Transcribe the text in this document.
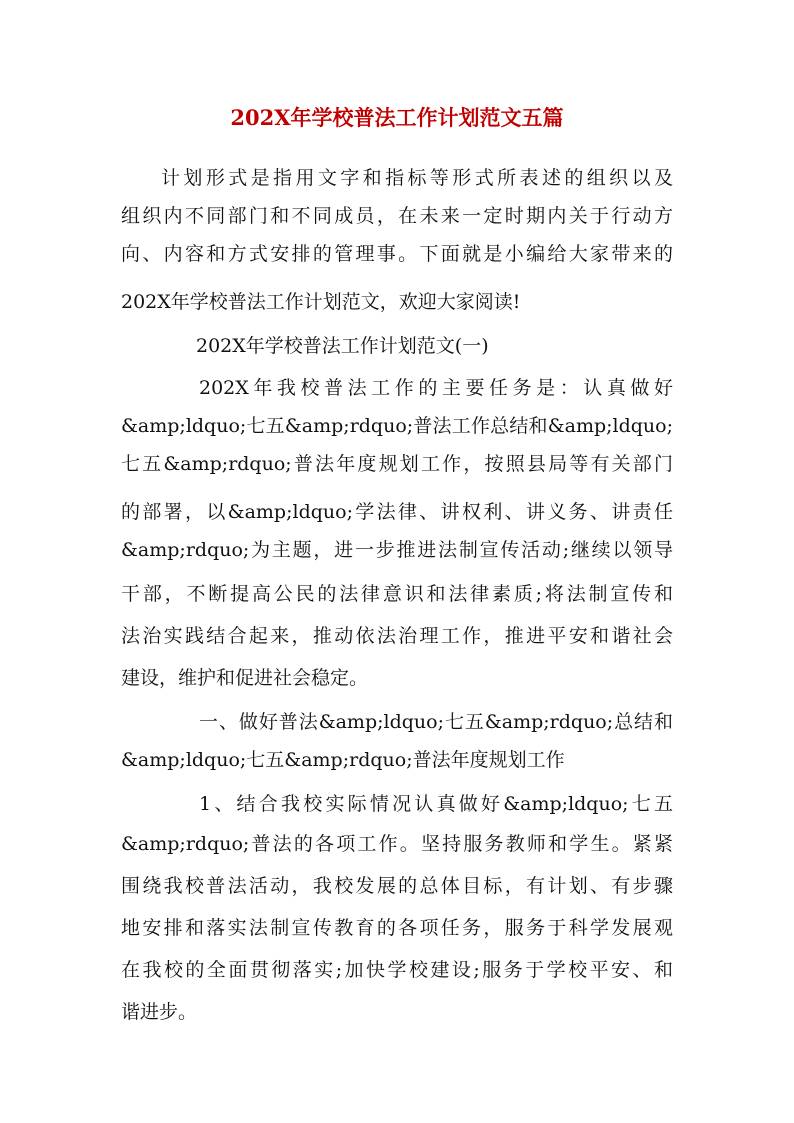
202X年学校普法工作计划范文五篇
计划形式是指用文字和指标等形式所表述的组织以及
组织内不同部门和不同成员，在未来一定时期内关于行动方
向、内容和方式安排的管理事。下面就是小编给大家带来的
202X年学校普法工作计划范文，欢迎大家阅读!
202X年学校普法工作计划范文(一)
202X年我校普法工作的主要任务是：认真做好
&amp;ldquo;七五&amp;rdquo;普法工作总结和&amp;ldquo;
七五&amp;rdquo;普法年度规划工作，按照县局等有关部门
的部署，以&amp;ldquo;学法律、讲权利、讲义务、讲责任
&amp;rdquo;为主题，进一步推进法制宣传活动;继续以领导
干部，不断提高公民的法律意识和法律素质;将法制宣传和
法治实践结合起来，推动依法治理工作，推进平安和谐社会
建设，维护和促进社会稳定。
一、做好普法&amp;ldquo;七五&amp;rdquo;总结和
&amp;ldquo;七五&amp;rdquo;普法年度规划工作
1、结合我校实际情况认真做好&amp;ldquo;七五
&amp;rdquo;普法的各项工作。坚持服务教师和学生。紧紧
围绕我校普法活动，我校发展的总体目标，有计划、有步骤
地安排和落实法制宣传教育的各项任务，服务于科学发展观
在我校的全面贯彻落实;加快学校建设;服务于学校平安、和
谐进步。
